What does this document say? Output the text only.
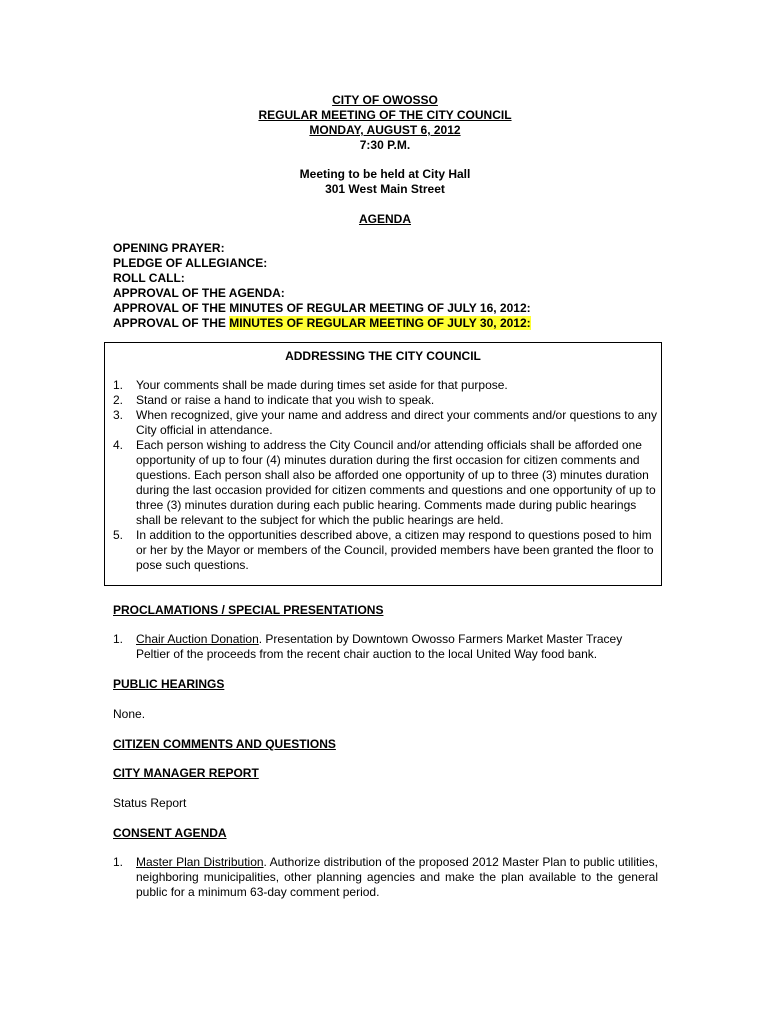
CITY OF OWOSSO
REGULAR MEETING OF THE CITY COUNCIL
MONDAY, AUGUST 6, 2012
7:30 P.M.
Meeting to be held at City Hall
301 West Main Street
AGENDA
OPENING PRAYER:
PLEDGE OF ALLEGIANCE:
ROLL CALL:
APPROVAL OF THE AGENDA:
APPROVAL OF THE MINUTES OF REGULAR MEETING OF JULY 16, 2012:
APPROVAL OF THE MINUTES OF REGULAR MEETING OF JULY 30, 2012:
ADDRESSING THE CITY COUNCIL
1. Your comments shall be made during times set aside for that purpose.
2. Stand or raise a hand to indicate that you wish to speak.
3. When recognized, give your name and address and direct your comments and/or questions to any City official in attendance.
4. Each person wishing to address the City Council and/or attending officials shall be afforded one opportunity of up to four (4) minutes duration during the first occasion for citizen comments and questions. Each person shall also be afforded one opportunity of up to three (3) minutes duration during the last occasion provided for citizen comments and questions and one opportunity of up to three (3) minutes duration during each public hearing. Comments made during public hearings shall be relevant to the subject for which the public hearings are held.
5. In addition to the opportunities described above, a citizen may respond to questions posed to him or her by the Mayor or members of the Council, provided members have been granted the floor to pose such questions.
PROCLAMATIONS / SPECIAL PRESENTATIONS
1. Chair Auction Donation. Presentation by Downtown Owosso Farmers Market Master Tracey Peltier of the proceeds from the recent chair auction to the local United Way food bank.
PUBLIC HEARINGS
None.
CITIZEN COMMENTS AND QUESTIONS
CITY MANAGER REPORT
Status Report
CONSENT AGENDA
1. Master Plan Distribution. Authorize distribution of the proposed 2012 Master Plan to public utilities, neighboring municipalities, other planning agencies and make the plan available to the general public for a minimum 63-day comment period.
